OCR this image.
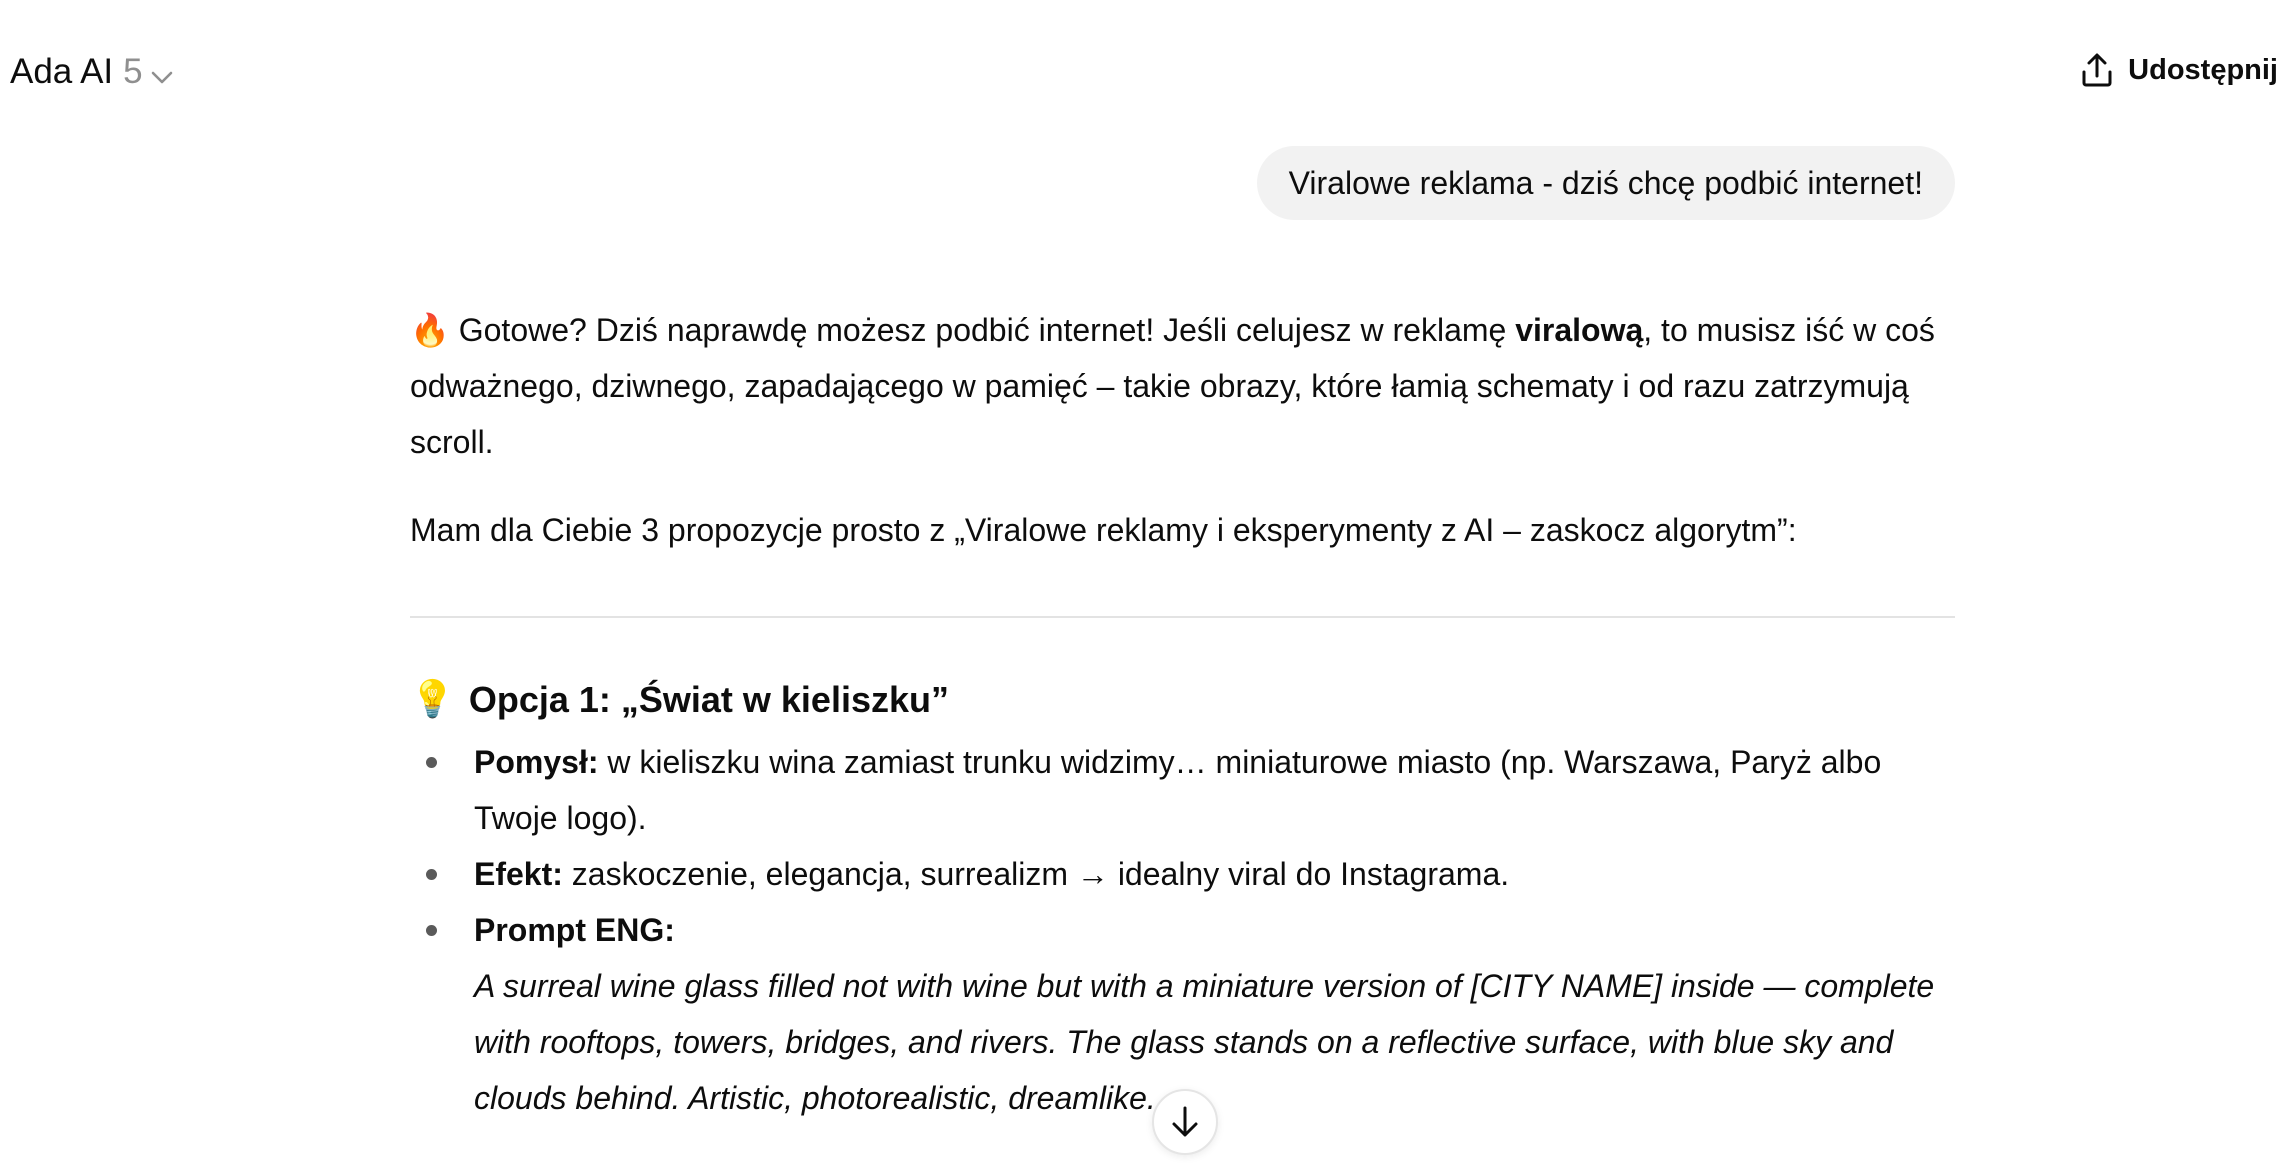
Ada AI 5	Udostępnij
Viralowe reklama - dziś chcę podbić internet!

🔥 Gotowe? Dziś naprawdę możesz podbić internet! Jeśli celujesz w reklamę viralową, to musisz iść w coś odważnego, dziwnego, zapadającego w pamięć – takie obrazy, które łamią schematy i od razu zatrzymują scroll.

Mam dla Ciebie 3 propozycje prosto z „Viralowe reklamy i eksperymenty z AI – zaskocz algorytm”:

💡 Opcja 1: „Świat w kieliszku”
Pomysł: w kieliszku wina zamiast trunku widzimy… miniaturowe miasto (np. Warszawa, Paryż albo Twoje logo).
Efekt: zaskoczenie, elegancja, surrealizm → idealny viral do Instagrama.
Prompt ENG:
A surreal wine glass filled not with wine but with a miniature version of [CITY NAME] inside — complete with rooftops, towers, bridges, and rivers. The glass stands on a reflective surface, with blue sky and clouds behind. Artistic, photorealistic, dreamlike.
